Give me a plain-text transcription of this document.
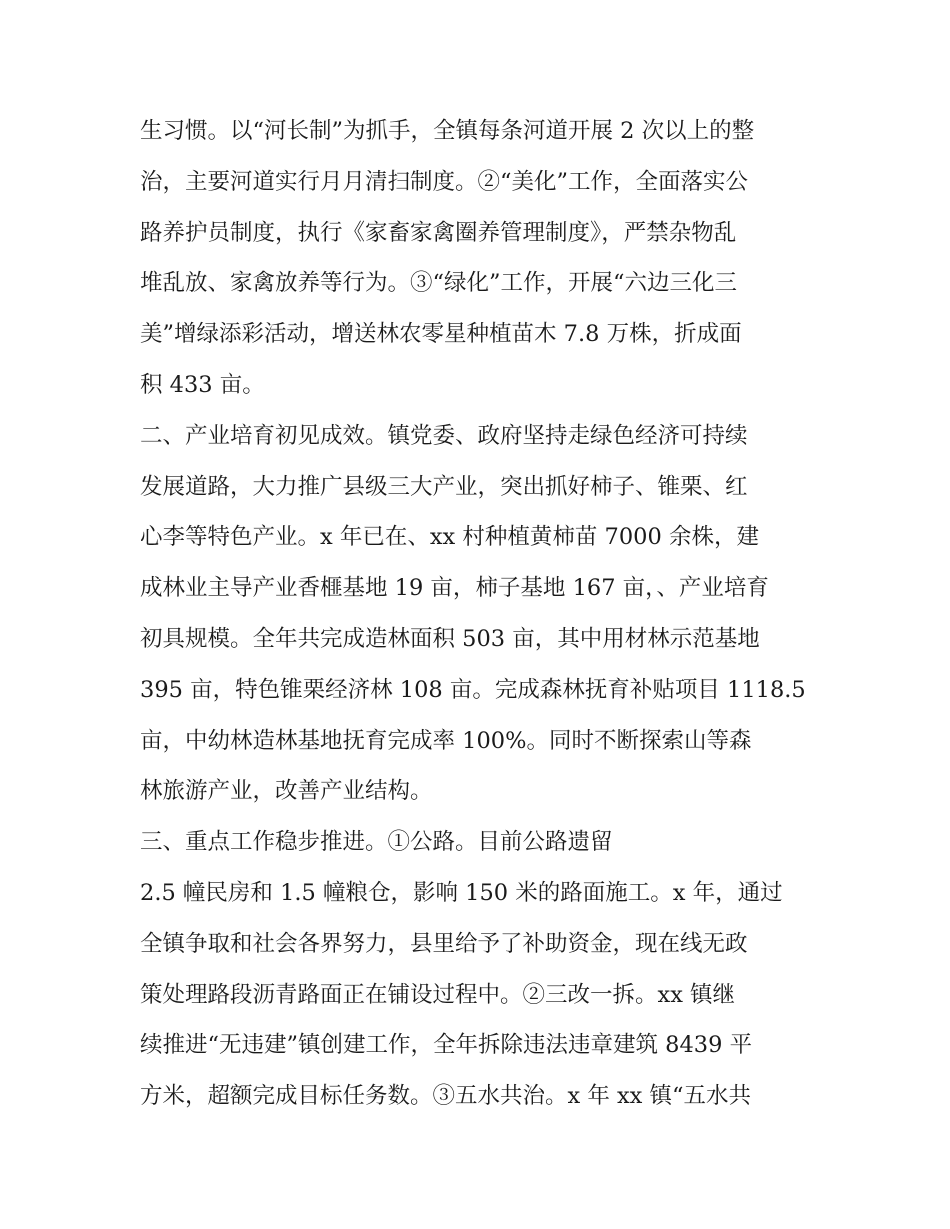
生习惯。以“河长制”为抓手，全镇每条河道开展 2 次以上的整
治，主要河道实行月月清扫制度。②“美化”工作，全面落实公
路养护员制度，执行《家畜家禽圈养管理制度》，严禁杂物乱
堆乱放、家禽放养等行为。③“绿化”工作，开展“六边三化三
美”增绿添彩活动，增送林农零星种植苗木 7.8 万株，折成面
积 433 亩。
二、产业培育初见成效。镇党委、政府坚持走绿色经济可持续
发展道路，大力推广县级三大产业，突出抓好柿子、锥栗、红
心李等特色产业。x 年已在、xx 村种植黄柿苗 7000 余株，建
成林业主导产业香榧基地 19 亩，柿子基地 167 亩，、产业培育
初具规模。全年共完成造林面积 503 亩，其中用材林示范基地
395 亩，特色锥栗经济林 108 亩。完成森林抚育补贴项目 1118.5
亩，中幼林造林基地抚育完成率 100%。同时不断探索山等森
林旅游产业，改善产业结构。
三、重点工作稳步推进。①公路。目前公路遗留
2.5 幢民房和 1.5 幢粮仓，影响 150 米的路面施工。x 年，通过
全镇争取和社会各界努力，县里给予了补助资金，现在线无政
策处理路段沥青路面正在铺设过程中。②三改一拆。xx 镇继
续推进“无违建”镇创建工作，全年拆除违法违章建筑 8439 平
方米，超额完成目标任务数。③五水共治。x 年 xx 镇“五水共
